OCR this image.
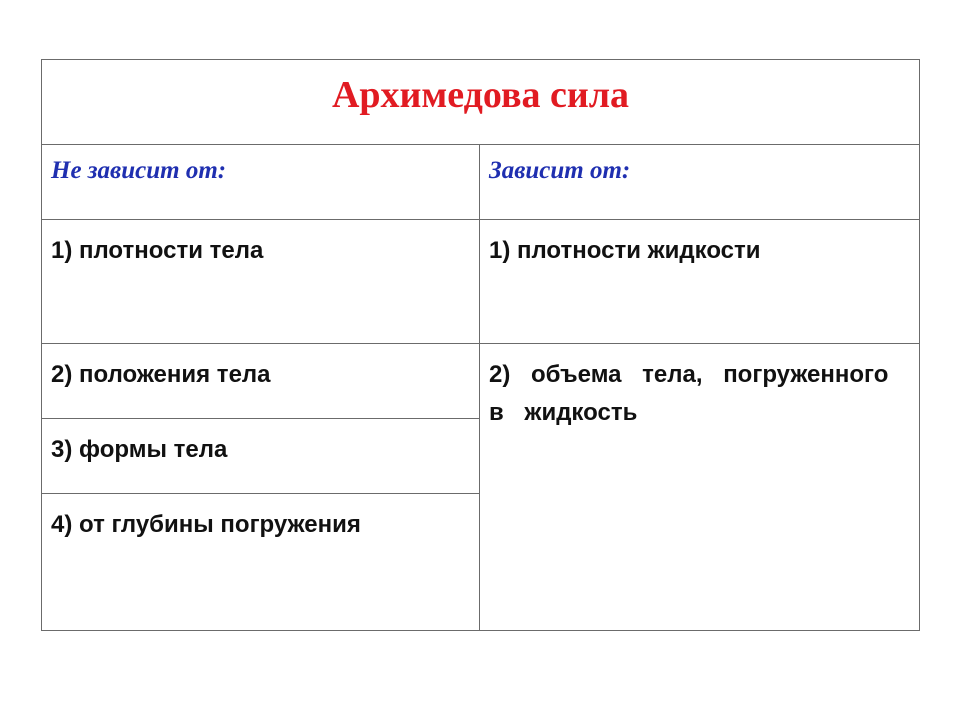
Архимедова сила	

Не зависит от:	Зависит от:

1) плотности тела	1) плотности жидкости

2) положения тела	2) объема тела, погруженного в жидкость

3) формы тела	

4) от глубины погружения	
